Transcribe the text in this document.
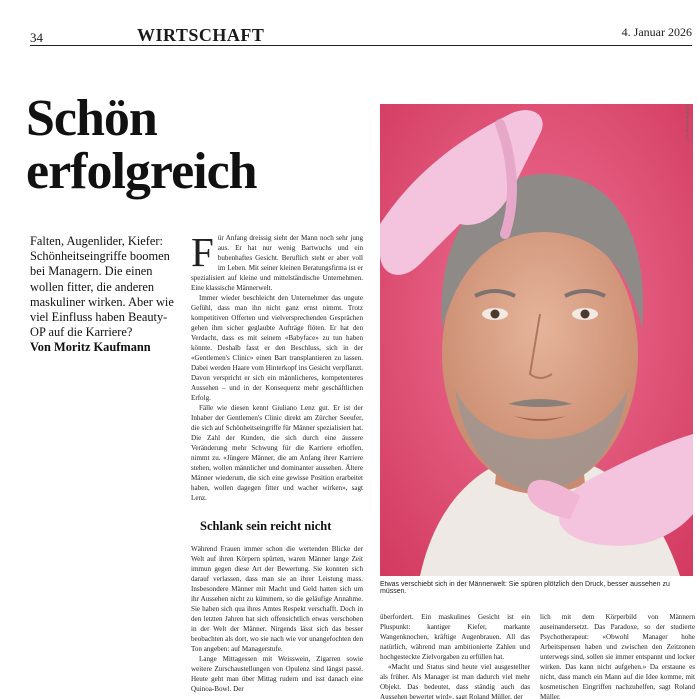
34	WIRTSCHAFT	4. Januar 2026
Schön
erfolgreich
Falten, Augenlider, Kiefer: Schönheitseingriffe boomen bei Managern. Die einen wollen fitter, die anderen maskuliner wirken. Aber wie viel Einfluss haben Beauty-OP auf die Karriere?
Von Moritz Kaufmann

Für Anfang dreissig sieht der Mann noch sehr jung aus. Er hat nur wenig Bartwuchs und ein bubenhaftes Gesicht. Beruflich steht er aber voll im Leben. Mit seiner kleinen Beratungsfirma ist er spezialisiert auf kleine und mittelständische Unternehmen. Eine klassische Männerwelt.

Immer wieder beschleicht den Unternehmer das ungute Gefühl, dass man ihn nicht ganz ernst nimmt. Trotz kompetitiven Offerten und vielversprechenden Gesprächen gehen ihm sicher geglaubte Aufträge flöten. Er hat den Verdacht, dass es mit seinem «Babyface» zu tun haben könnte. Deshalb fasst er den Beschluss, sich in der «Gentlemen's Clinic» einen Bart transplantieren zu lassen. Dabei werden Haare vom Hinterkopf ins Gesicht verpflanzt. Davon verspricht er sich ein männlicheres, kompetenteres Aussehen – und in der Konsequenz mehr geschäftlichen Erfolg.

Fälle wie diesen kennt Giuliano Lenz gut. Er ist der Inhaber der Gentlemen's Clinic direkt am Zürcher Seeufer, die sich auf Schönheitseingriffe für Männer spezialisiert hat. Die Zahl der Kunden, die sich durch eine äussere Veränderung mehr Schwung für die Karriere erhoffen, nimmt zu. «Jüngere Männer, die am Anfang ihrer Karriere stehen, wollen männlicher und dominanter aussehen. Ältere Männer wiederum, die sich eine gewisse Position erarbeitet haben, wollen dagegen fitter und wacher wirken», sagt Lenz.

Schlank sein reicht nicht

Während Frauen immer schon die wertenden Blicke der Welt auf ihren Körpern spürten, waren Männer lange Zeit immun gegen diese Art der Bewertung. Sie konnten sich darauf verlassen, dass man sie an ihrer Leistung mass. Insbesondere Männer mit Macht und Geld hatten sich um ihr Aussehen nicht zu kümmern, so die geläufige Annahme. Sie haben sich qua ihres Amtes Respekt verschafft. Doch in den letzten Jahren hat sich offensichtlich etwas verschoben in der Welt der Männer. Nirgends lässt sich das besser beobachten als dort, wo sie nach wie vor unangefochten den Ton angeben: auf Managerstufe.

Lange Mittagessen mit Weisswein, Zigarren sowie weitere Zurschaustellungen von Opulenz sind längst passé. Heute geht man über Mittag rudern und isst danach eine Quinoa-Bowl. Der

CLAUDIA HANNA / NZZ
Etwas verschiebt sich in der Männerwelt: Sie spüren plötzlich den Druck, besser aussehen zu müssen.

überfordert. Ein maskulines Gesicht ist ein Pluspunkt: kantiger Kiefer, markante Wangenknochen, kräftige Augenbrauen. All das natürlich, während man ambitionierte Zahlen und hochgesteckte Zielvorgaben zu erfüllen hat.

«Macht und Status sind heute viel ausgestellter als früher. Als Manager ist man dadurch viel mehr Objekt. Das bedeutet, dass ständig auch das Aussehen bewertet wird», sagt Roland Müller, der

lich mit dem Körperbild von Männern auseinandersetzt. Das Paradoxe, so der studierte Psychotherapeut: «Obwohl Manager hohe Arbeitspensen haben und zwischen den Zeitzonen unterwegs sind, sollen sie immer entspannt und locker wirken. Das kann nicht aufgehen.» Da erstaune es nicht, dass manch ein Mann auf die Idee komme, mit kosmetischen Eingriffen nachzuhelfen, sagt Roland Müller.
